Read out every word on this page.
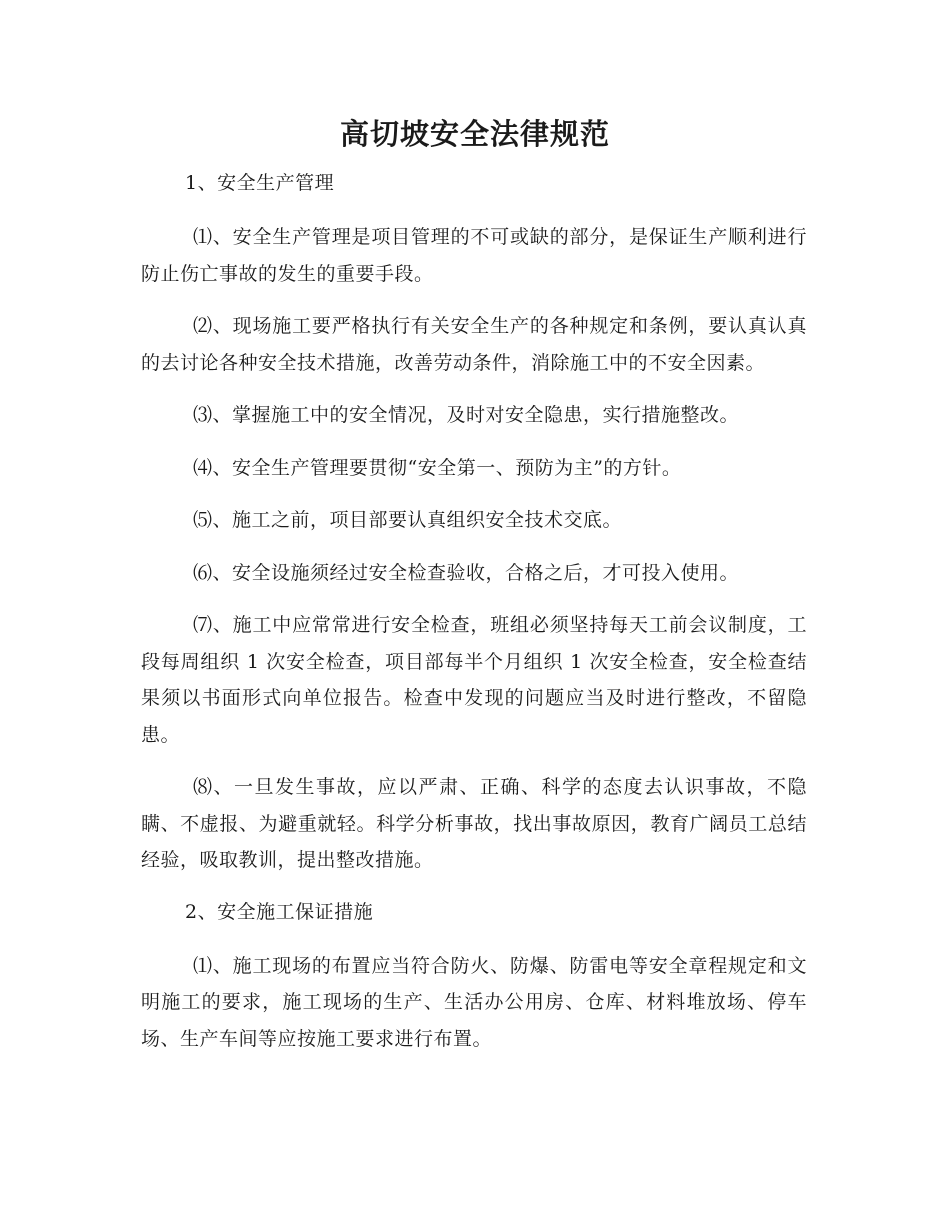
高切坡安全法律规范

1、安全生产管理

⑴、安全生产管理是项目管理的不可或缺的部分，是保证生产顺利进行防止伤亡事故的发生的重要手段。

⑵、现场施工要严格执行有关安全生产的各种规定和条例，要认真认真的去讨论各种安全技术措施，改善劳动条件，消除施工中的不安全因素。

⑶、掌握施工中的安全情况，及时对安全隐患，实行措施整改。

⑷、安全生产管理要贯彻“安全第一、预防为主”的方针。

⑸、施工之前，项目部要认真组织安全技术交底。

⑹、安全设施须经过安全检查验收，合格之后，才可投入使用。

⑺、施工中应常常进行安全检查，班组必须坚持每天工前会议制度，工段每周组织 1 次安全检查，项目部每半个月组织 1 次安全检查，安全检查结果须以书面形式向单位报告。检查中发现的问题应当及时进行整改，不留隐患。

⑻、一旦发生事故，应以严肃、正确、科学的态度去认识事故，不隐瞒、不虚报、为避重就轻。科学分析事故，找出事故原因，教育广阔员工总结经验，吸取教训，提出整改措施。

2、安全施工保证措施

⑴、施工现场的布置应当符合防火、防爆、防雷电等安全章程规定和文明施工的要求，施工现场的生产、生活办公用房、仓库、材料堆放场、停车场、生产车间等应按施工要求进行布置。
